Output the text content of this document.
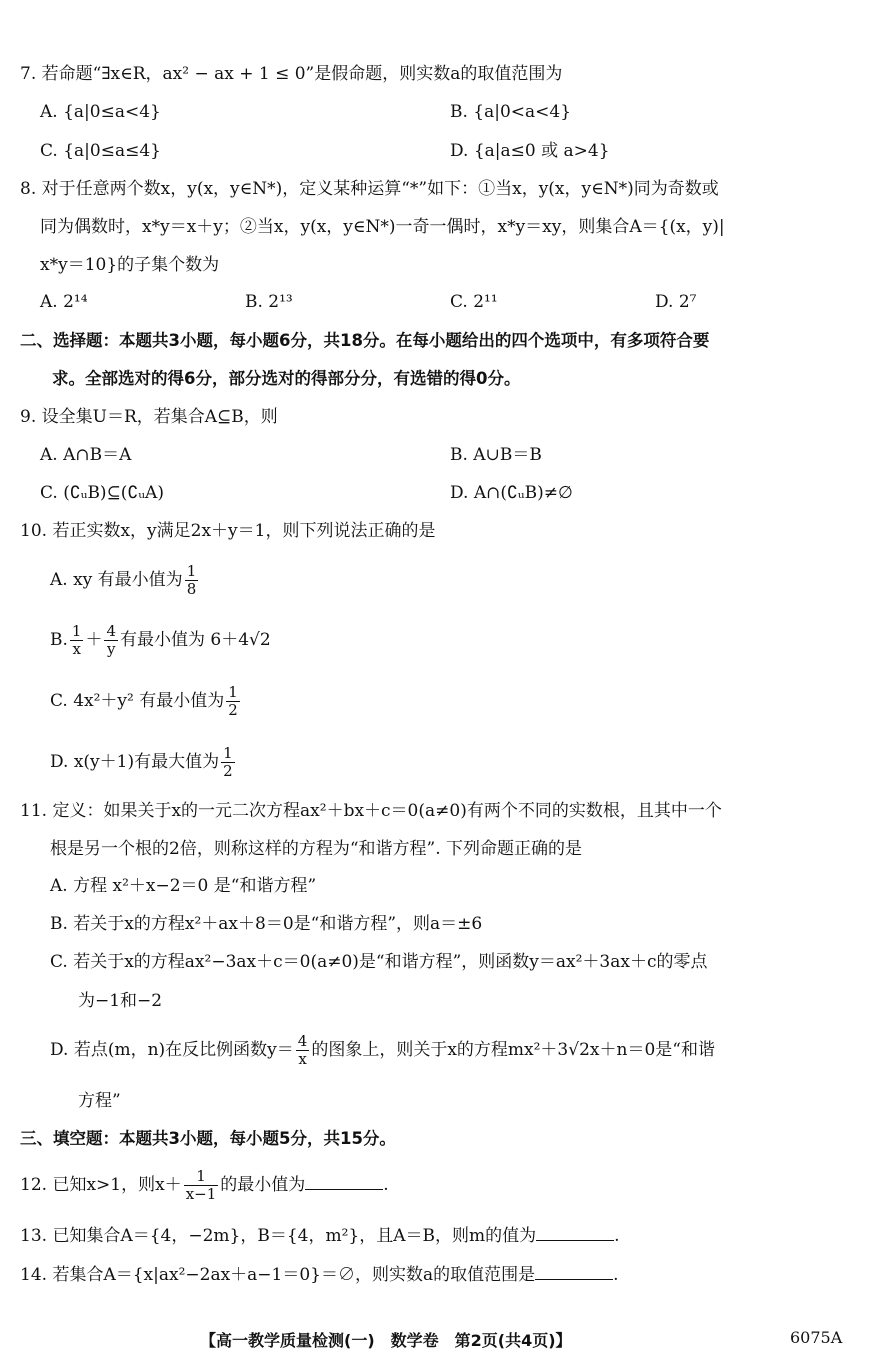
7. 若命题“∃x∈R，ax² − ax + 1 ≤ 0”是假命题，则实数a的取值范围为
A. {a|0≤a<4}	B. {a|0<a<4}
C. {a|0≤a≤4}	D. {a|a≤0 或 a>4}
8. 对于任意两个数x，y(x，y∈N*)，定义某种运算“*”如下：①当x，y(x，y∈N*)同为奇数或
同为偶数时，x*y＝x＋y；②当x，y(x，y∈N*)一奇一偶时，x*y＝xy，则集合A＝{(x，y)|
x*y＝10}的子集个数为
A. 2¹⁴	B. 2¹³	C. 2¹¹	D. 2⁷
二、选择题：本题共3小题，每小题6分，共18分。在每小题给出的四个选项中，有多项符合要
求。全部选对的得6分，部分选对的得部分分，有选错的得0分。
9. 设全集U＝R，若集合A⊆B，则
A. A∩B＝A	B. A∪B＝B
C. (∁ᵤB)⊆(∁ᵤA)	D. A∩(∁ᵤB)≠∅
10. 若正实数x，y满足2x＋y＝1，则下列说法正确的是
A. xy 有最小值为 $\frac{1}{8}$
B. $\frac{1}{x} + \frac{4}{y}$ 有最小值为 6＋4√2
C. 4x²＋y² 有最小值为 $\frac{1}{2}$
D. x(y＋1)有最大值为 $\frac{1}{2}$
11. 定义：如果关于x的一元二次方程ax²＋bx＋c＝0(a≠0)有两个不同的实数根，且其中一个
根是另一个根的2倍，则称这样的方程为“和谐方程”. 下列命题正确的是
A. 方程 x²＋x−2＝0 是“和谐方程”
B. 若关于x的方程x²＋ax＋8＝0是“和谐方程”，则a＝±6
C. 若关于x的方程ax²−3ax＋c＝0(a≠0)是“和谐方程”，则函数y＝ax²＋3ax＋c的零点
为−1和−2
D. 若点(m，n)在反比例函数$y= \frac{4}{x}$ 的图象上，则关于x的方程mx²＋3√2x＋n＝0是“和谐
方程”
三、填空题：本题共3小题，每小题5分，共15分。
12. 已知x>1，则$x+ \frac{1}{x-1}$ 的最小值为	.
13. 已知集合A＝{4，−2m}，B＝{4，m²}，且A＝B，则m的值为	.
14. 若集合A＝{x|ax²−2ax＋a−1＝0}＝∅，则实数a的取值范围是	.
【高一教学质量检测(一)　数学卷　第2页(共4页)】	6075A
